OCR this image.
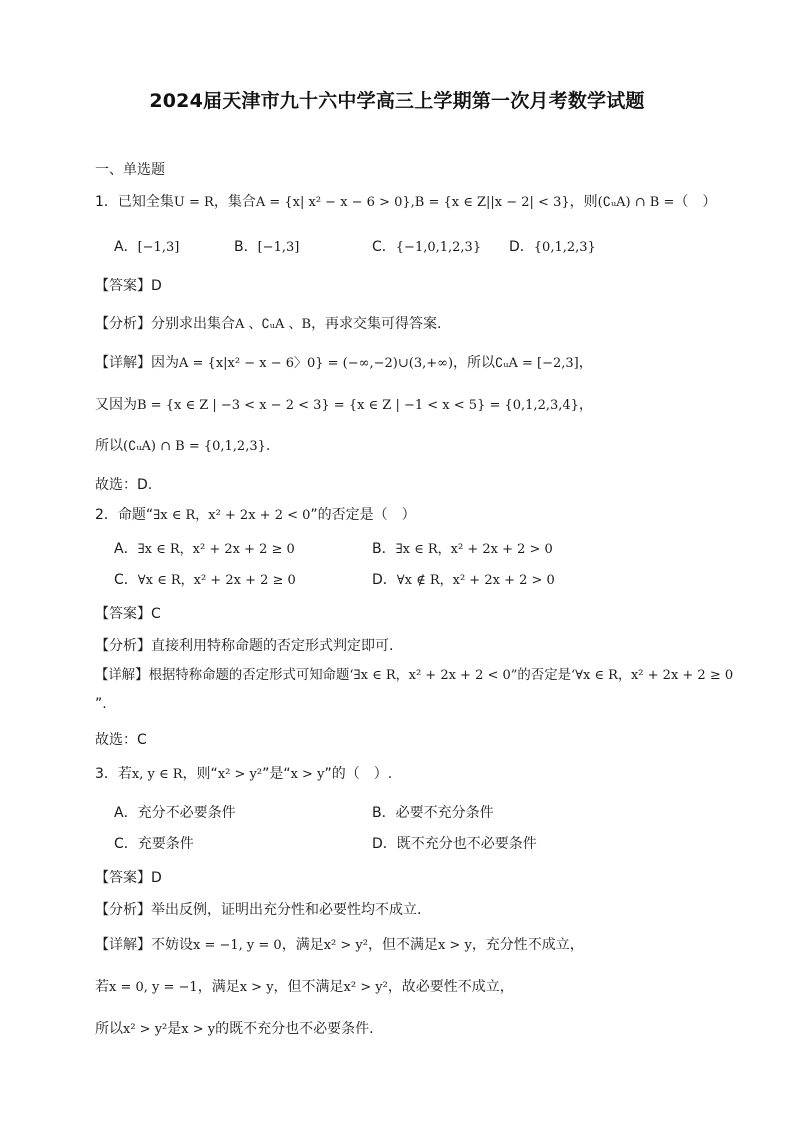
2024届天津市九十六中学高三上学期第一次月考数学试题
一、单选题
1．已知全集U = R，集合A = {x| x² − x − 6 > 0},B = {x ∈ Z||x − 2| < 3}，则(∁ᵤA) ∩ B =（　）
A．[−1,3]	B．[−1,3]	C．{−1,0,1,2,3} D．{0,1,2,3}
【答案】D
【分析】分别求出集合A 、∁ᵤA 、B，再求交集可得答案.
【详解】因为A = {x|x² − x − 6〉0} = (−∞,−2)∪(3,+∞)，所以∁ᵤA = [−2,3]，
又因为B = {x ∈ Z | −3 < x − 2 < 3} = {x ∈ Z | −1 < x < 5} = {0,1,2,3,4}，
所以(∁ᵤA) ∩ B = {0,1,2,3}.
故选：D.
2．命题“∃x ∈ R，x² + 2x + 2 < 0”的否定是（　）
A．∃x ∈ R，x² + 2x + 2 ≥ 0	B．∃x ∈ R，x² + 2x + 2 > 0
C．∀x ∈ R，x² + 2x + 2 ≥ 0	D．∀x ∉ R，x² + 2x + 2 > 0
【答案】C
【分析】直接利用特称命题的否定形式判定即可.
【详解】根据特称命题的否定形式可知命题‘∃x ∈ R，x² + 2x + 2 < 0”的否定是‘∀x ∈ R，x² + 2x + 2 ≥ 0
”.
故选：C
3．若x, y ∈ R，则“x² > y²”是“x > y”的（　）.
A．充分不必要条件	B．必要不充分条件
C．充要条件	D．既不充分也不必要条件
【答案】D
【分析】举出反例，证明出充分性和必要性均不成立.
【详解】不妨设x = −1, y = 0，满足x² > y²，但不满足x > y，充分性不成立，
若x = 0, y = −1，满足x > y，但不满足x² > y²，故必要性不成立，
所以x² > y²是x > y的既不充分也不必要条件.
